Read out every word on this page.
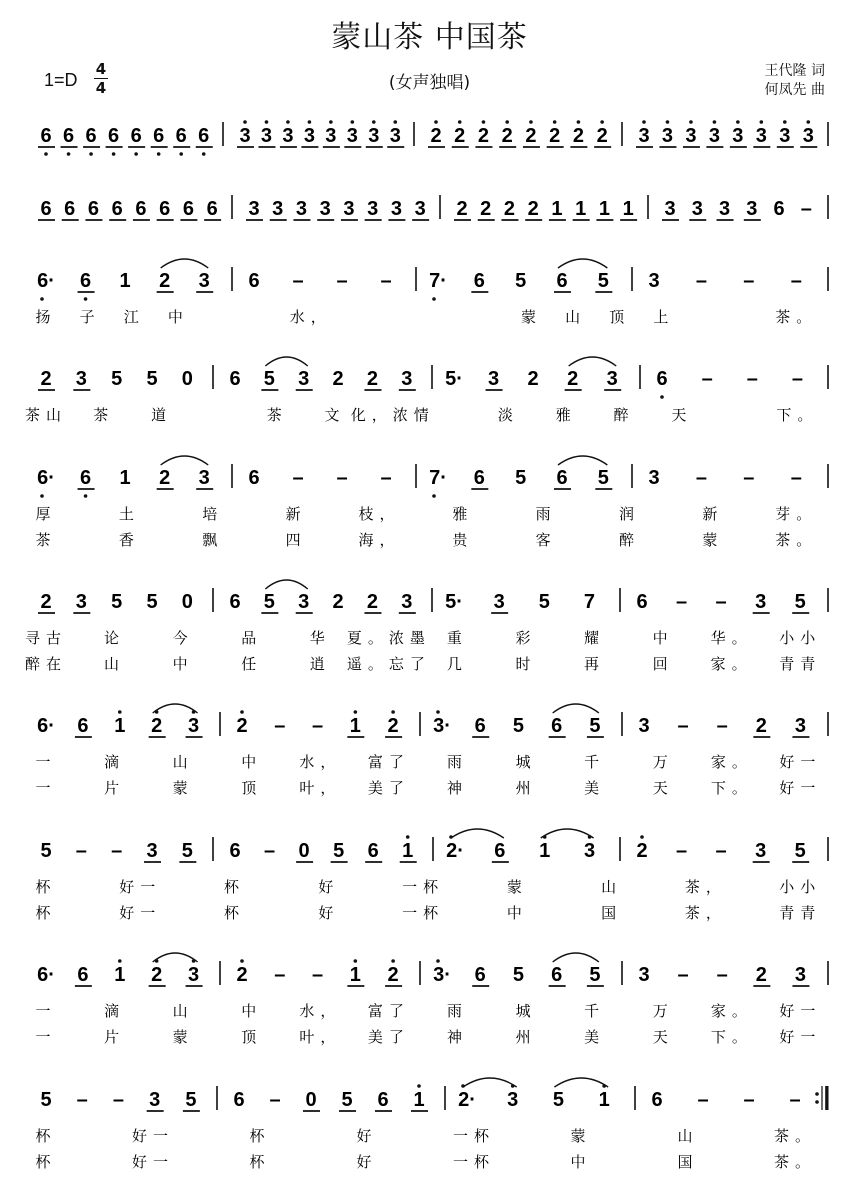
蒙山茶 中国茶
1=D
4
4	(女声独唱)
王代隆 词
何凤先 曲
6 6 6 6 6 6 6 6 3 3 3 3 3 3 3 3 2 2 2 2 2 2 2 2 3 3 3 3 3 3 3 3
6 6 6 6 6 6 6 6 3 3 3 3 3 3 3 3 2 2 2 2 1 1 1 1 3 3 3 3 6 –
6· 6 1 2 3 6 – – – 7· 6 5 6 5 3 – – –
扬 子 江 中	水，	蒙 山 顶 上	茶。
2 3 5 5 0 6 5 3 2 2 3 5· 3 2 2 3 6 – – –
茶山 茶 道	茶 文 化，浓情	淡 雅 醉 天	下。
6· 6 1 2 3 6 – – – 7· 6 5 6 5 3 – – –
厚	土	培	新	枝，	雅	雨	润	新	芽。
茶	香	飘	四	海，	贵	客	醉	蒙	茶。
2 3 5 5 0 6 5 3 2 2 3 5· 3 5 7 6 – – 3 5
寻古 论	今	品	华 夏。浓墨 重	彩	耀	中 华。 小小
醉在 山	中	任	逍 遥。忘了 几	时	再	回 家。 青青
6· 6 1 2 3 2 – – 1 2 3· 6 5 6 5 3 – – 2 3
一	滴	山	中 水， 富了 雨	城	千	万 家。 好一
一	片	蒙	顶 叶， 美了 神	州	美	天 下。 好一
5 – – 3 5 6 – 0 5 6 1 2· 6 1 3 2 – – 3 5
杯	好一	杯	好	一杯	蒙	山	茶，	小小
杯	好一	杯	好	一杯	中	国	茶，	青青
6· 6 1 2 3 2 – – 1 2 3· 6 5 6 5 3 – – 2 3
一	滴	山	中 水， 富了 雨	城	千	万 家。 好一
一	片	蒙	顶 叶， 美了 神	州	美	天 下。 好一
5 – – 3 5 6 – 0 5 6 1 2· 3 5 1 6 – – –
杯	好一	杯	好	一杯	蒙	山	茶。
杯	好一	杯	好	一杯	中	国	茶。
